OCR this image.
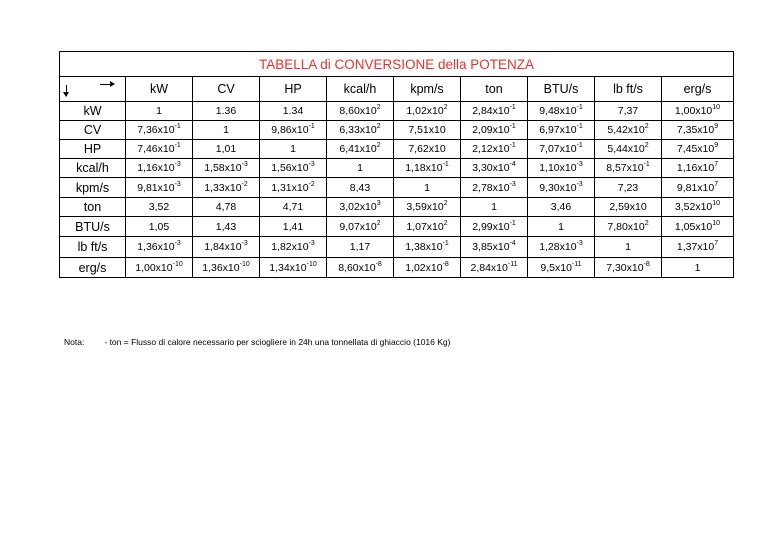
TABELLA di CONVERSIONE della POTENZA									

	kW	CV	HP	kcal/h	kpm/s	ton	BTU/s	lb ft/s	erg/s
kW	1	1.36	1.34	$8,60x10^2$	$1,02x10^2$	$2,84x10^{-1}$	$9,48x10^{-1}$	7,37	$1,00x10^{10}$
CV	$7,36x10^{-1}$	1	$9,86x10^{-1}$	$6,33x10^2$	7,51x10	$2,09x10^{-1}$	$6,97x10^{-1}$	$5,42x10^2$	$7,35x10^9$
HP	$7,46x10^{-1}$	1,01	1	$6,41x10^2$	7,62x10	$2,12x10^{-1}$	$7,07x10^{-1}$	$5,44x10^2$	$7,45x10^9$
kcal/h	$1,16x10^{-3}$	$1,58x10^{-3}$	$1,56x10^{-3}$	1	$1,18x10^{-1}$	$3,30x10^{-4}$	$1,10x10^{-3}$	$8,57x10^{-1}$	$1,16x10^7$
kpm/s	$9,81x10^{-3}$	$1,33x10^{-2}$	$1,31x10^{-2}$	8,43	1	$2,78x10^{-3}$	$9,30x10^{-3}$	7,23	$9,81x10^7$
ton	3,52	4,78	4,71	$3,02x10^3$	$3,59x10^2$	1	3,46	2,59x10	$3,52x10^{10}$
BTU/s	1,05	1,43	1,41	$9,07x10^2$	$1,07x10^2$	$2,99x10^{-1}$	1	$7,80x10^2$	$1,05x10^{10}$
lb ft/s	$1,36x10^{-3}$	$1,84x10^{-3}$	$1,82x10^{-3}$	1,17	$1,38x10^{-1}$	$3,85x10^{-4}$	$1,28x10^{-3}$	1	$1,37x10^7$
erg/s	$1,00x10^{-10}$	$1,36x10^{-10}$	$1,34x10^{-10}$	$8,60x10^{-8}$	$1,02x10^{-8}$	$2,84x10^{-11}$	$9,5x10^{-11}$	$7,30x10^{-8}$	1
Nota: - ton = Flusso di calore necessario per sciogliere in 24h una tonnellata di ghiaccio (1016 Kg)
